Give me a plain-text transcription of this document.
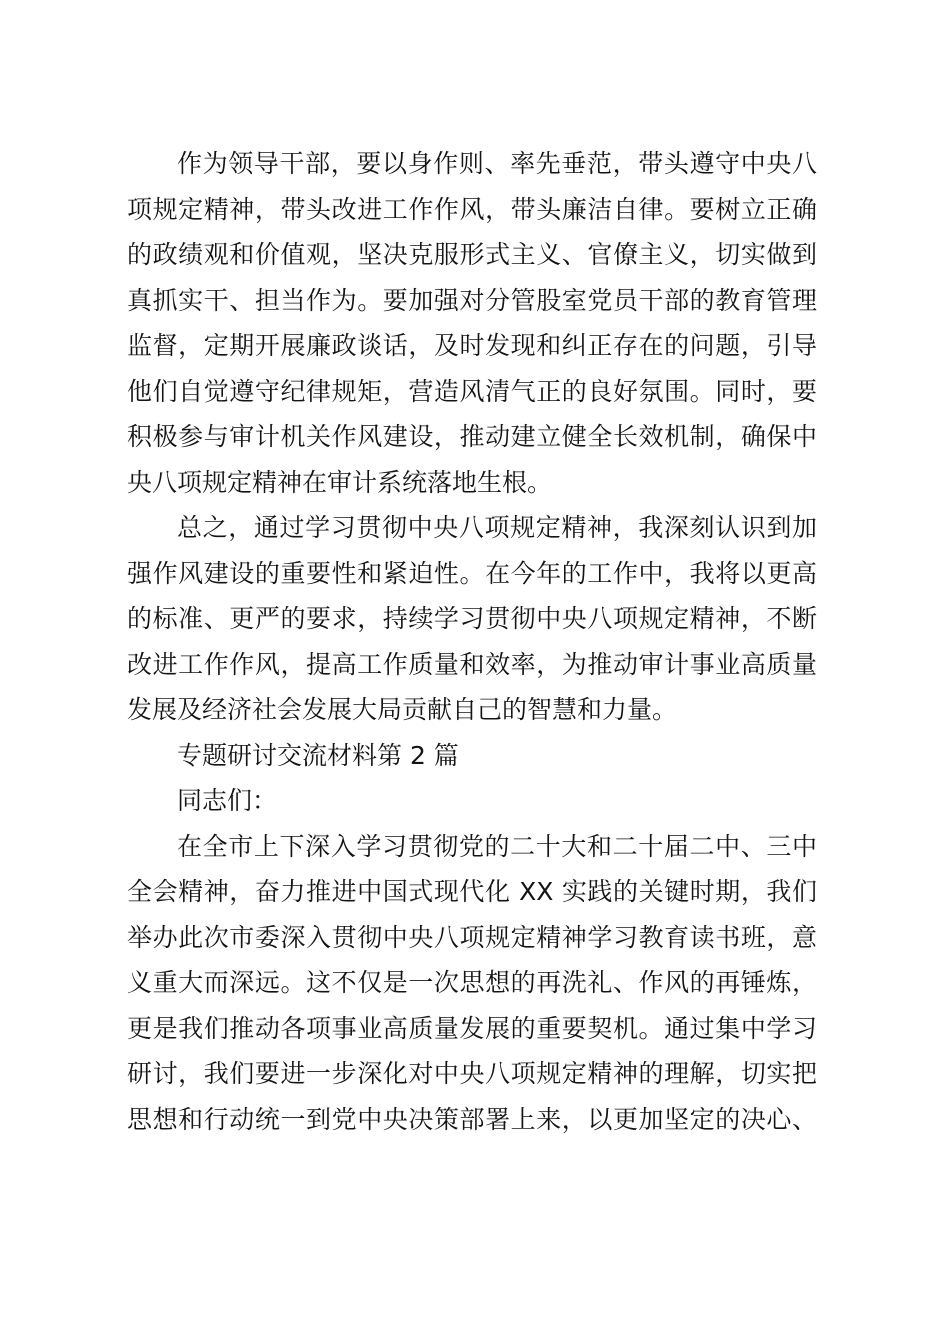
作为领导干部，要以身作则、率先垂范，带头遵守中央八
项规定精神，带头改进工作作风，带头廉洁自律。要树立正确
的政绩观和价值观，坚决克服形式主义、官僚主义，切实做到
真抓实干、担当作为。要加强对分管股室党员干部的教育管理
监督，定期开展廉政谈话，及时发现和纠正存在的问题，引导
他们自觉遵守纪律规矩，营造风清气正的良好氛围。同时，要
积极参与审计机关作风建设，推动建立健全长效机制，确保中
央八项规定精神在审计系统落地生根。
总之，通过学习贯彻中央八项规定精神，我深刻认识到加
强作风建设的重要性和紧迫性。在今年的工作中，我将以更高
的标准、更严的要求，持续学习贯彻中央八项规定精神，不断
改进工作作风，提高工作质量和效率，为推动审计事业高质量
发展及经济社会发展大局贡献自己的智慧和力量。
专题研讨交流材料第 2 篇
同志们：
在全市上下深入学习贯彻党的二十大和二十届二中、三中
全会精神，奋力推进中国式现代化 XX 实践的关键时期，我们
举办此次市委深入贯彻中央八项规定精神学习教育读书班，意
义重大而深远。这不仅是一次思想的再洗礼、作风的再锤炼，
更是我们推动各项事业高质量发展的重要契机。通过集中学习
研讨，我们要进一步深化对中央八项规定精神的理解，切实把
思想和行动统一到党中央决策部署上来，以更加坚定的决心、
